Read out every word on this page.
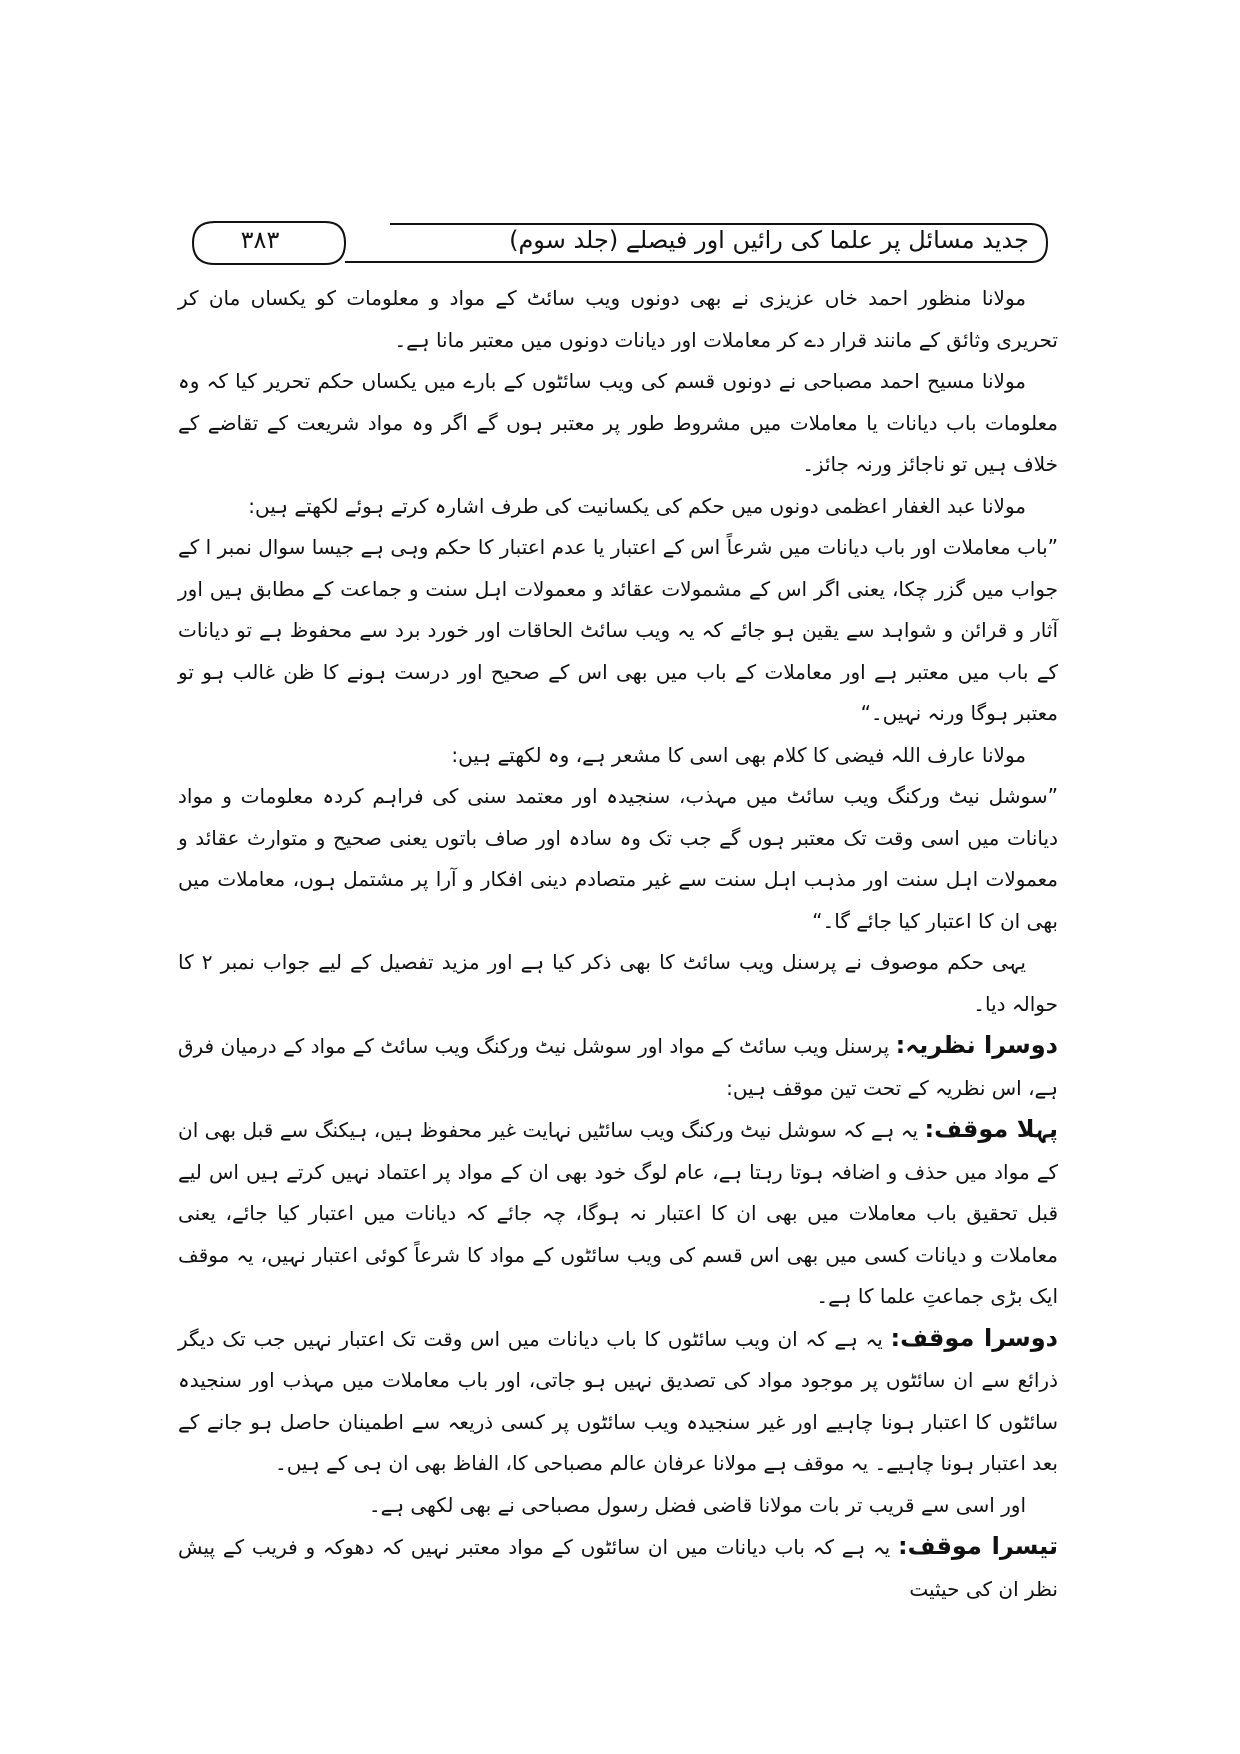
جدید مسائل پر علما کی رائیں اور فیصلے (جلد سوم)
۳۸۳

مولانا منظور احمد خاں عزیزی نے بھی دونوں ویب سائٹ کے مواد و معلومات کو یکساں مان کر تحریری وثائق کے مانند قرار دے کر معاملات اور دیانات دونوں میں معتبر مانا ہے۔

مولانا مسیح احمد مصباحی نے دونوں قسم کی ویب سائٹوں کے بارے میں یکساں حکم تحریر کیا کہ وہ معلومات باب دیانات یا معاملات میں مشروط طور پر معتبر ہوں گے اگر وہ مواد شریعت کے تقاضے کے خلاف ہیں تو ناجائز ورنہ جائز۔

مولانا عبد الغفار اعظمی دونوں میں حکم کی یکسانیت کی طرف اشارہ کرتے ہوئے لکھتے ہیں:

”باب معاملات اور باب دیانات میں شرعاً اس کے اعتبار یا عدم اعتبار کا حکم وہی ہے جیسا سوال نمبر ا کے جواب میں گزر چکا، یعنی اگر اس کے مشمولات عقائد و معمولات اہل سنت و جماعت کے مطابق ہیں اور آثار و قرائن و شواہد سے یقین ہو جائے کہ یہ ویب سائٹ الحاقات اور خورد برد سے محفوظ ہے تو دیانات کے باب میں معتبر ہے اور معاملات کے باب میں بھی اس کے صحیح اور درست ہونے کا ظن غالب ہو تو معتبر ہوگا ورنہ نہیں۔“

مولانا عارف اللہ فیضی کا کلام بھی اسی کا مشعر ہے، وہ لکھتے ہیں:

”سوشل نیٹ ورکنگ ویب سائٹ میں مہذب، سنجیدہ اور معتمد سنی کی فراہم کردہ معلومات و مواد دیانات میں اسی وقت تک معتبر ہوں گے جب تک وہ سادہ اور صاف باتوں یعنی صحیح و متوارث عقائد و معمولات اہل سنت اور مذہب اہل سنت سے غیر متصادم دینی افکار و آرا پر مشتمل ہوں، معاملات میں بھی ان کا اعتبار کیا جائے گا۔“

یہی حکم موصوف نے پرسنل ویب سائٹ کا بھی ذکر کیا ہے اور مزید تفصیل کے لیے جواب نمبر ۲ کا حوالہ دیا۔

دوسرا نظریہ: پرسنل ویب سائٹ کے مواد اور سوشل نیٹ ورکنگ ویب سائٹ کے مواد کے درمیان فرق ہے، اس نظریہ کے تحت تین موقف ہیں:

پہلا موقف: یہ ہے کہ سوشل نیٹ ورکنگ ویب سائٹیں نہایت غیر محفوظ ہیں، ہیکنگ سے قبل بھی ان کے مواد میں حذف و اضافہ ہوتا رہتا ہے، عام لوگ خود بھی ان کے مواد پر اعتماد نہیں کرتے ہیں اس لیے قبل تحقیق باب معاملات میں بھی ان کا اعتبار نہ ہوگا، چہ جائے کہ دیانات میں اعتبار کیا جائے، یعنی معاملات و دیانات کسی میں بھی اس قسم کی ویب سائٹوں کے مواد کا شرعاً کوئی اعتبار نہیں، یہ موقف ایک بڑی جماعتِ علما کا ہے۔

دوسرا موقف: یہ ہے کہ ان ویب سائٹوں کا باب دیانات میں اس وقت تک اعتبار نہیں جب تک دیگر ذرائع سے ان سائٹوں پر موجود مواد کی تصدیق نہیں ہو جاتی، اور باب معاملات میں مہذب اور سنجیدہ سائٹوں کا اعتبار ہونا چاہیے اور غیر سنجیدہ ویب سائٹوں پر کسی ذریعہ سے اطمینان حاصل ہو جانے کے بعد اعتبار ہونا چاہیے۔ یہ موقف ہے مولانا عرفان عالم مصباحی کا، الفاظ بھی ان ہی کے ہیں۔

اور اسی سے قریب تر بات مولانا قاضی فضل رسول مصباحی نے بھی لکھی ہے۔

تیسرا موقف: یہ ہے کہ باب دیانات میں ان سائٹوں کے مواد معتبر نہیں کہ دھوکہ و فریب کے پیش نظر ان کی حیثیت
